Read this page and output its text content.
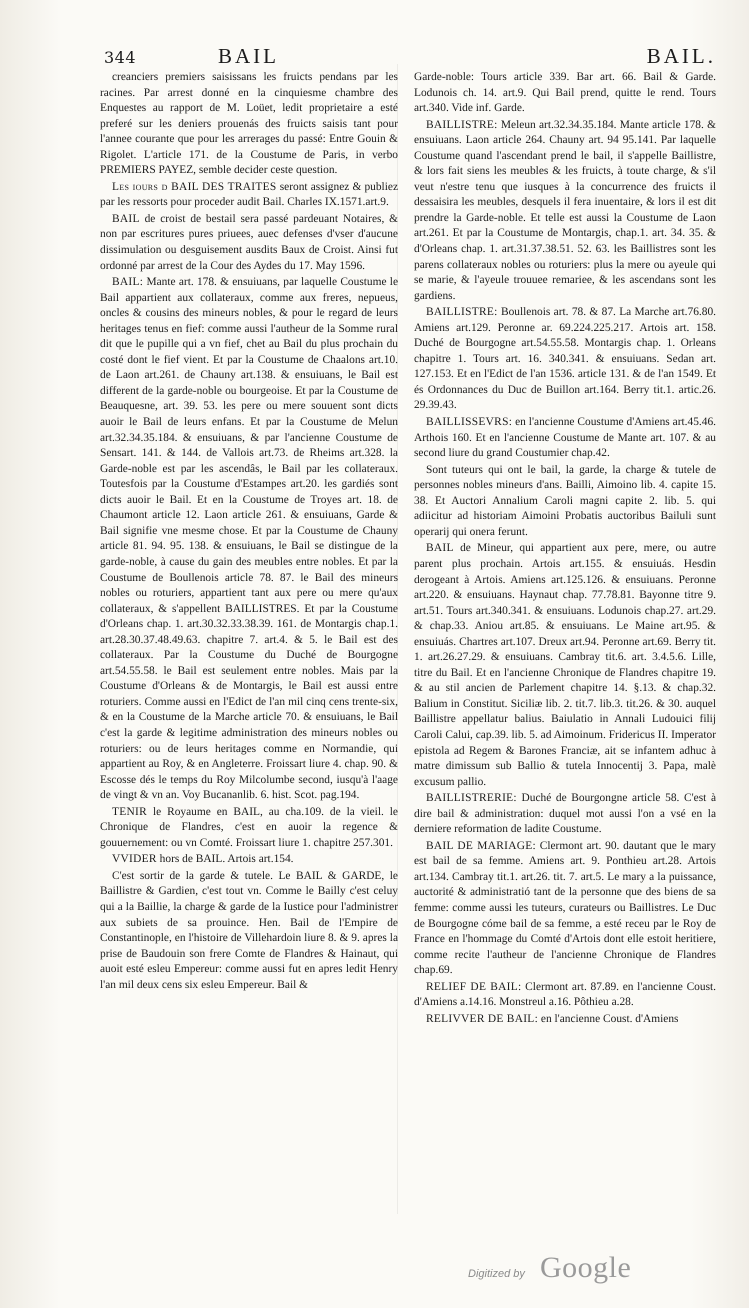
344	BAIL	BAIL.

creanciers premiers saisissans les fruicts pendans par les racines. Par arrest donné en la cinquiesme chambre des Enquestes au rapport de M. Loüet, ledit proprietaire a esté preferé sur les deniers prouenás des fruicts saisis tant pour l'annee courante que pour les arrerages du passé: Entre Gouin & Rigolet. L'article 171. de la Coustume de Paris, in verbo PREMIERS PAYEZ, semble decider ceste question.

Les iours d BAIL DES TRAITES seront assignez & publiez par les ressorts pour proceder audit Bail. Charles IX.1571.art.9.

BAIL de croist de bestail sera passé pardeuant Notaires, & non par escritures pures priuees, auec defenses d'vser d'aucune dissimulation ou desguisement ausdits Baux de Croist. Ainsi fut ordonné par arrest de la Cour des Aydes du 17. May 1596.

BAIL: Mante art. 178. & ensuiuans, par laquelle Coustume le Bail appartient aux collateraux, comme aux freres, nepueus, oncles & cousins des mineurs nobles, & pour le regard de leurs heritages tenus en fief: comme aussi l'autheur de la Somme rural dit que le pupille qui a vn fief, chet au Bail du plus prochain du costé dont le fief vient. Et par la Coustume de Chaalons art.10. de Laon art.261. de Chauny art.138. & ensuiuans, le Bail est different de la garde-noble ou bourgeoise. Et par la Coustume de Beauquesne, art. 39. 53. les pere ou mere souuent sont dicts auoir le Bail de leurs enfans. Et par la Coustume de Melun art.32.34.35.184. & ensuiuans, & par l'ancienne Coustume de Sensart. 141. & 144. de Vallois art.73. de Rheims art.328. la Garde-noble est par les ascendâs, le Bail par les collateraux. Toutesfois par la Coustume d'Estampes art.20. les gardiés sont dicts auoir le Bail. Et en la Coustume de Troyes art. 18. de Chaumont article 12. Laon article 261. & ensuiuans, Garde & Bail signifie vne mesme chose. Et par la Coustume de Chauny article 81. 94. 95. 138. & ensuiuans, le Bail se distingue de la garde-noble, à cause du gain des meubles entre nobles. Et par la Coustume de Boullenois article 78. 87. le Bail des mineurs nobles ou roturiers, appartient tant aux pere ou mere qu'aux collateraux, & s'appellent BAILLISTRES. Et par la Coustume d'Orleans chap. 1. art.30.32.33.38.39. 161. de Montargis chap.1. art.28.30.37.48.49.63. chapitre 7. art.4. & 5. le Bail est des collateraux. Par la Coustume du Duché de Bourgogne art.54.55.58. le Bail est seulement entre nobles. Mais par la Coustume d'Orleans & de Montargis, le Bail est aussi entre roturiers. Comme aussi en l'Edict de l'an mil cinq cens trente-six, & en la Coustume de la Marche article 70. & ensuiuans, le Bail c'est la garde & legitime administration des mineurs nobles ou roturiers: ou de leurs heritages comme en Normandie, qui appartient au Roy, & en Angleterre. Froissart liure 4. chap. 90. & Escosse dés le temps du Roy Milcolumbe second, iusqu'à l'aage de vingt & vn an. Voy Bucananlib. 6. hist. Scot. pag.194.

TENIR le Royaume en BAIL, au cha.109. de la vieil. le Chronique de Flandres, c'est en auoir la regence & gouuernement: ou vn Comté. Froissart liure 1. chapitre 257.301.

VVIDER hors de BAIL. Artois art.154.

C'est sortir de la garde & tutele. Le BAIL & GARDE, le Baillistre & Gardien, c'est tout vn. Comme le Bailly c'est celuy qui a la Baillie, la charge & garde de la Iustice pour l'administrer aux subiets de sa prouince. Hen. Bail de l'Empire de Constantinople, en l'histoire de Villehardoin liure 8. & 9. apres la prise de Baudouin son frere Comte de Flandres & Hainaut, qui auoit esté esleu Empereur: comme aussi fut en apres ledit Henry l'an mil deux cens six esleu Empereur. Bail &

Garde-noble: Tours article 339. Bar art. 66. Bail & Garde. Lodunois ch. 14. art.9. Qui Bail prend, quitte le rend. Tours art.340. Vide inf. Garde.

BAILLISTRE: Meleun art.32.34.35.184. Mante article 178. & ensuiuans. Laon article 264. Chauny art. 94 95.141. Par laquelle Coustume quand l'ascendant prend le bail, il s'appelle Baillistre, & lors fait siens les meubles & les fruicts, à toute charge, & s'il veut n'estre tenu que iusques à la concurrence des fruicts il dessaisira les meubles, desquels il fera inuentaire, & lors il est dit prendre la Garde-noble. Et telle est aussi la Coustume de Laon art.261. Et par la Coustume de Montargis, chap.1. art. 34. 35. & d'Orleans chap. 1. art.31.37.38.51. 52. 63. les Baillistres sont les parens collateraux nobles ou roturiers: plus la mere ou ayeule qui se marie, & l'ayeule trouuee remariee, & les ascendans sont les gardiens.

BAILLISTRE: Boullenois art. 78. & 87. La Marche art.76.80. Amiens art.129. Peronne ar. 69.224.225.217. Artois art. 158. Duché de Bourgogne art.54.55.58. Montargis chap. 1. Orleans chapitre 1. Tours art. 16. 340.341. & ensuiuans. Sedan art. 127.153. Et en l'Edict de l'an 1536. article 131. & de l'an 1549. Et és Ordonnances du Duc de Buillon art.164. Berry tit.1. artic.26. 29.39.43.

BAILLISSEVRS: en l'ancienne Coustume d'Amiens art.45.46. Arthois 160. Et en l'ancienne Coustume de Mante art. 107. & au second liure du grand Coustumier chap.42.

Sont tuteurs qui ont le bail, la garde, la charge & tutele de personnes nobles mineurs d'ans. Bailli, Aimoino lib. 4. capite 15. 38. Et Auctori Annalium Caroli magni capite 2. lib. 5. qui adiicitur ad historiam Aimoini Probatis auctoribus Bailuli sunt operarij qui onera ferunt.

BAIL de Mineur, qui appartient aux pere, mere, ou autre parent plus prochain. Artois art.155. & ensuiuás. Hesdin derogeant à Artois. Amiens art.125.126. & ensuiuans. Peronne art.220. & ensuiuans. Haynaut chap. 77.78.81. Bayonne titre 9. art.51. Tours art.340.341. & ensuiuans. Lodunois chap.27. art.29. & chap.33. Aniou art.85. & ensuiuans. Le Maine art.95. & ensuiuás. Chartres art.107. Dreux art.94. Peronne art.69. Berry tit. 1. art.26.27.29. & ensuiuans. Cambray tit.6. art. 3.4.5.6. Lille, titre du Bail. Et en l'ancienne Chronique de Flandres chapitre 19. & au stil ancien de Parlement chapitre 14. §.13. & chap.32. Balium in Constitut. Siciliæ lib. 2. tit.7. lib.3. tit.26. & 30. auquel Baillistre appellatur balius. Baiulatio in Annali Ludouici filij Caroli Calui, cap.39. lib. 5. ad Aimoinum. Fridericus II. Imperator epistola ad Regem & Barones Franciæ, ait se infantem adhuc à matre dimissum sub Ballio & tutela Innocentij 3. Papa, malè excusum pallio.

BAILLISTRERIE: Duché de Bourgongne article 58. C'est à dire bail & administration: duquel mot aussi l'on a vsé en la derniere reformation de ladite Coustume.

BAIL DE MARIAGE: Clermont art. 90. dautant que le mary est bail de sa femme. Amiens art. 9. Ponthieu art.28. Artois art.134. Cambray tit.1. art.26. tit. 7. art.5. Le mary a la puissance, auctorité & administratió tant de la personne que des biens de sa femme: comme aussi les tuteurs, curateurs ou Baillistres. Le Duc de Bourgogne cóme bail de sa femme, a esté receu par le Roy de France en l'hommage du Comté d'Artois dont elle estoit heritiere, comme recite l'autheur de l'ancienne Chronique de Flandres chap.69.

RELIEF DE BAIL: Clermont art. 87.89. en l'ancienne Coust. d'Amiens a.14.16. Monstreul a.16. Pôthieu a.28.

RELIVVER DE BAIL: en l'ancienne Coust. d'Amiens

Digitized by Google
